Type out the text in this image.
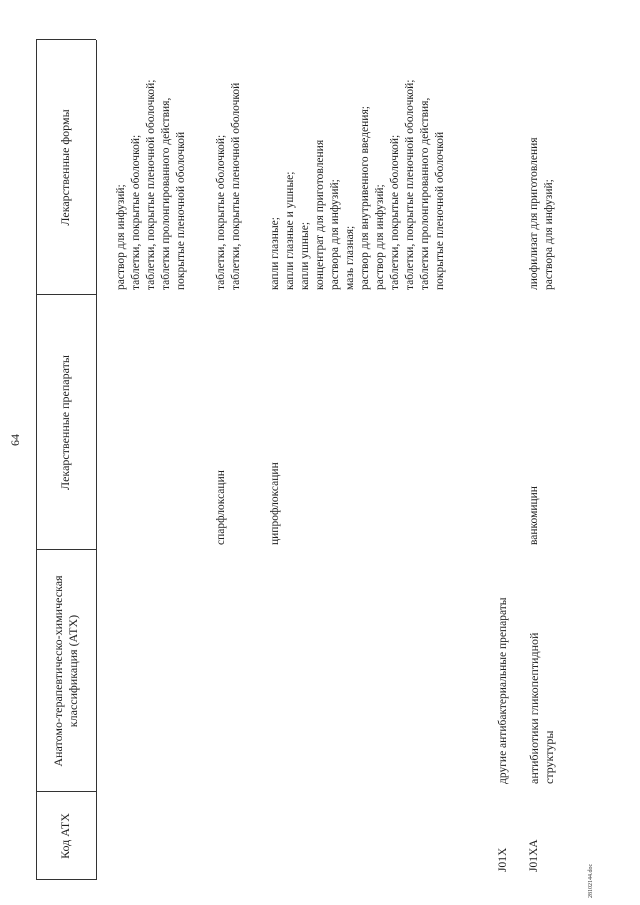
Код АТХ
Анатомо-терапевтическо-химическая классификация (АТХ)
Лекарственные препараты
Лекарственные формы
раствор для инфузий; таблетки, покрытые оболочкой; таблетки, покрытые пленочной оболочкой; таблетки пролонгированного действия, покрытые пленочной оболочкой
спарфлоксацин
таблетки, покрытые оболочкой; таблетки, покрытые пленочной оболочкой
ципрофлоксацин
капли глазные; капли глазные и ушные; капли ушные; концентрат для приготовления раствора для инфузий; мазь глазная; раствор для внутривенного введения; раствор для инфузий; таблетки, покрытые оболочкой; таблетки, покрытые пленочной оболочкой; таблетки пролонгированного действия, покрытые пленочной оболочкой
J01X
другие антибактериальные препараты
J01XA
антибиотики гликопептидной структуры
ванкомицин
лиофилизат для приготовления раствора для инфузий;
64
28102144.doc
